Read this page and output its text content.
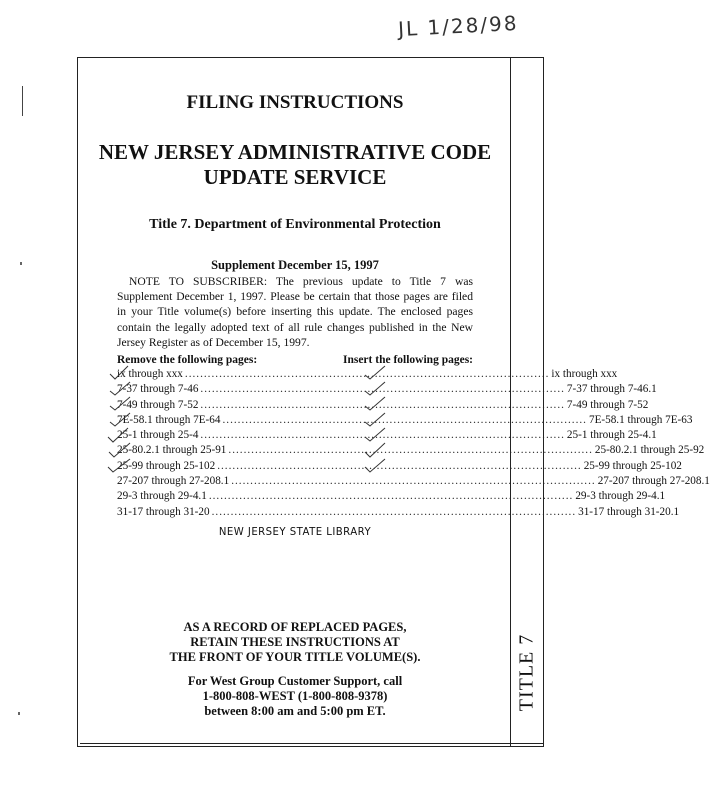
JL 1/28/98
TITLE 7
FILING INSTRUCTIONS
NEW JERSEY ADMINISTRATIVE CODE
UPDATE SERVICE
Title 7. Department of Environmental Protection
Supplement December 15, 1997
NOTE TO SUBSCRIBER: The previous update to Title 7 was Supplement December 1, 1997. Please be certain that those pages are filed in your Title volume(s) before inserting this update. The enclosed pages contain the legally adopted text of all rule changes published in the New Jersey Register as of December 15, 1997.
Remove the following pages:	Insert the following pages:
ix through xxx ................................................................................................ ix through xxx
7-37 through 7-46 ................................................................................................ 7-37 through 7-46.1
7-49 through 7-52 ................................................................................................ 7-49 through 7-52
7E-58.1 through 7E-64 ................................................................................................ 7E-58.1 through 7E-63
25-1 through 25-4 ................................................................................................ 25-1 through 25-4.1
25-80.2.1 through 25-91 ................................................................................................ 25-80.2.1 through 25-92
25-99 through 25-102 ................................................................................................ 25-99 through 25-102
27-207 through 27-208.1 ................................................................................................ 27-207 through 27-208.1
29-3 through 29-4.1 ................................................................................................ 29-3 through 29-4.1
31-17 through 31-20 ................................................................................................ 31-17 through 31-20.1
NEW JERSEY STATE LIBRARY
AS A RECORD OF REPLACED PAGES,
RETAIN THESE INSTRUCTIONS AT
THE FRONT OF YOUR TITLE VOLUME(S).
For West Group Customer Support, call
1-800-808-WEST (1-800-808-9378)
between 8:00 am and 5:00 pm ET.
